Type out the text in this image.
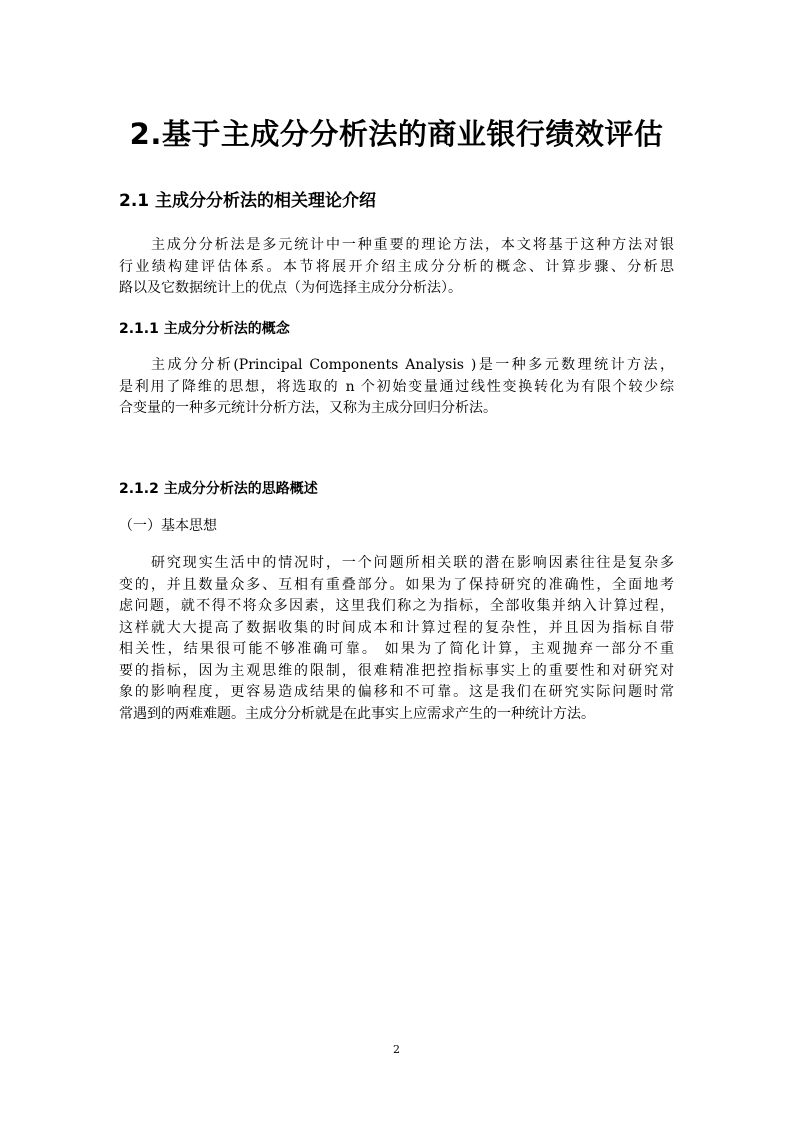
2.基于主成分分析法的商业银行绩效评估
2.1 主成分分析法的相关理论介绍

主成分分析法是多元统计中一种重要的理论方法，本文将基于这种方法对银
行业绩构建评估体系。本节将展开介绍主成分分析的概念、计算步骤、分析思
路以及它数据统计上的优点（为何选择主成分分析法）。

2.1.1 主成分分析法的概念

主成分分析(Principal Components Analysis )是一种多元数理统计方法，
是利用了降维的思想，将选取的 n 个初始变量通过线性变换转化为有限个较少综
合变量的一种多元统计分析方法，又称为主成分回归分析法。

2.1.2 主成分分析法的思路概述

（一）基本思想

研究现实生活中的情况时，一个问题所相关联的潜在影响因素往往是复杂多
变的，并且数量众多、互相有重叠部分。如果为了保持研究的准确性，全面地考
虑问题，就不得不将众多因素，这里我们称之为指标，全部收集并纳入计算过程，
这样就大大提高了数据收集的时间成本和计算过程的复杂性，并且因为指标自带
相关性，结果很可能不够准确可靠。 如果为了简化计算，主观抛弃一部分不重
要的指标，因为主观思维的限制，很难精准把控指标事实上的重要性和对研究对
象的影响程度，更容易造成结果的偏移和不可靠。这是我们在研究实际问题时常
常遇到的两难难题。主成分分析就是在此事实上应需求产生的一种统计方法。

2
